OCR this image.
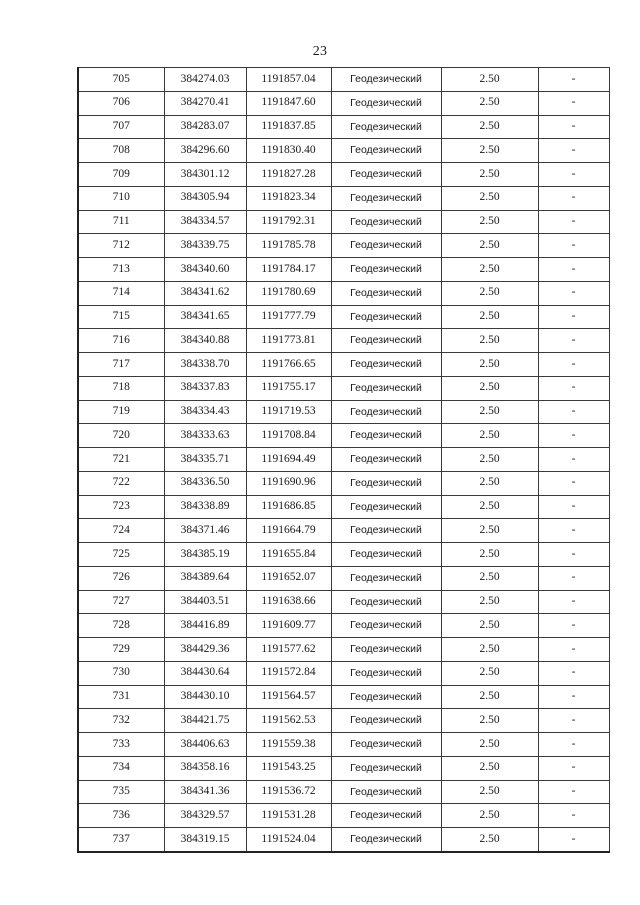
23
705	384274.03	1191857.04	Геодезический	2.50	-
706	384270.41	1191847.60	Геодезический	2.50	-
707	384283.07	1191837.85	Геодезический	2.50	-
708	384296.60	1191830.40	Геодезический	2.50	-
709	384301.12	1191827.28	Геодезический	2.50	-
710	384305.94	1191823.34	Геодезический	2.50	-
711	384334.57	1191792.31	Геодезический	2.50	-
712	384339.75	1191785.78	Геодезический	2.50	-
713	384340.60	1191784.17	Геодезический	2.50	-
714	384341.62	1191780.69	Геодезический	2.50	-
715	384341.65	1191777.79	Геодезический	2.50	-
716	384340.88	1191773.81	Геодезический	2.50	-
717	384338.70	1191766.65	Геодезический	2.50	-
718	384337.83	1191755.17	Геодезический	2.50	-
719	384334.43	1191719.53	Геодезический	2.50	-
720	384333.63	1191708.84	Геодезический	2.50	-
721	384335.71	1191694.49	Геодезический	2.50	-
722	384336.50	1191690.96	Геодезический	2.50	-
723	384338.89	1191686.85	Геодезический	2.50	-
724	384371.46	1191664.79	Геодезический	2.50	-
725	384385.19	1191655.84	Геодезический	2.50	-
726	384389.64	1191652.07	Геодезический	2.50	-
727	384403.51	1191638.66	Геодезический	2.50	-
728	384416.89	1191609.77	Геодезический	2.50	-
729	384429.36	1191577.62	Геодезический	2.50	-
730	384430.64	1191572.84	Геодезический	2.50	-
731	384430.10	1191564.57	Геодезический	2.50	-
732	384421.75	1191562.53	Геодезический	2.50	-
733	384406.63	1191559.38	Геодезический	2.50	-
734	384358.16	1191543.25	Геодезический	2.50	-
735	384341.36	1191536.72	Геодезический	2.50	-
736	384329.57	1191531.28	Геодезический	2.50	-
737	384319.15	1191524.04	Геодезический	2.50	-
